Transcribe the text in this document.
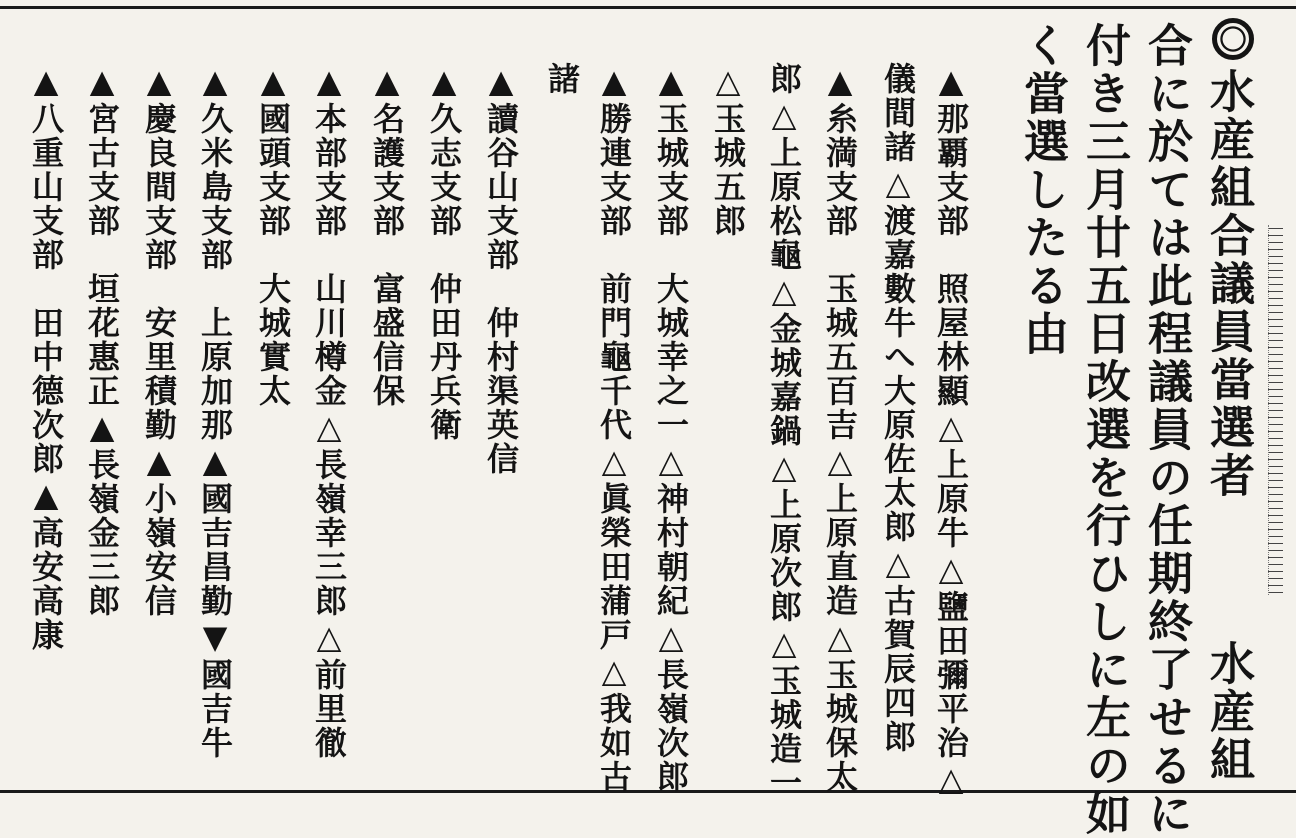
水産組合議員當選者
水産組
合に於ては此程議員の任期終了せるに
付き三月廿五日改選を行ひしに左の如
く當選したる由
▲那覇支部　照屋林顯△上原牛△鹽田彌平治△
儀間諸△渡嘉數牛へ大原佐太郎△古賀辰四郎
▲糸満支部　玉城五百吉△上原直造△玉城保太
郎△上原松龜△金城嘉鍋△上原次郎△玉城造一
△玉城五郎
▲玉城支部　大城幸之一△神村朝紀△長嶺次郎
▲勝連支部　前門龜千代△眞榮田蒲戸△我如古
諸
▲讀谷山支部　仲村渠英信
▲久志支部　仲田丹兵衛
▲名護支部　富盛信保
▲本部支部　山川樽金△長嶺幸三郎△前里徹
▲國頭支部　大城實太
▲久米島支部　上原加那▲國吉昌勤▼國吉牛
▲慶良間支部　安里積勤▲小嶺安信
▲宮古支部　垣花惠正▲長嶺金三郎
▲八重山支部　田中德次郎▲高安高康
